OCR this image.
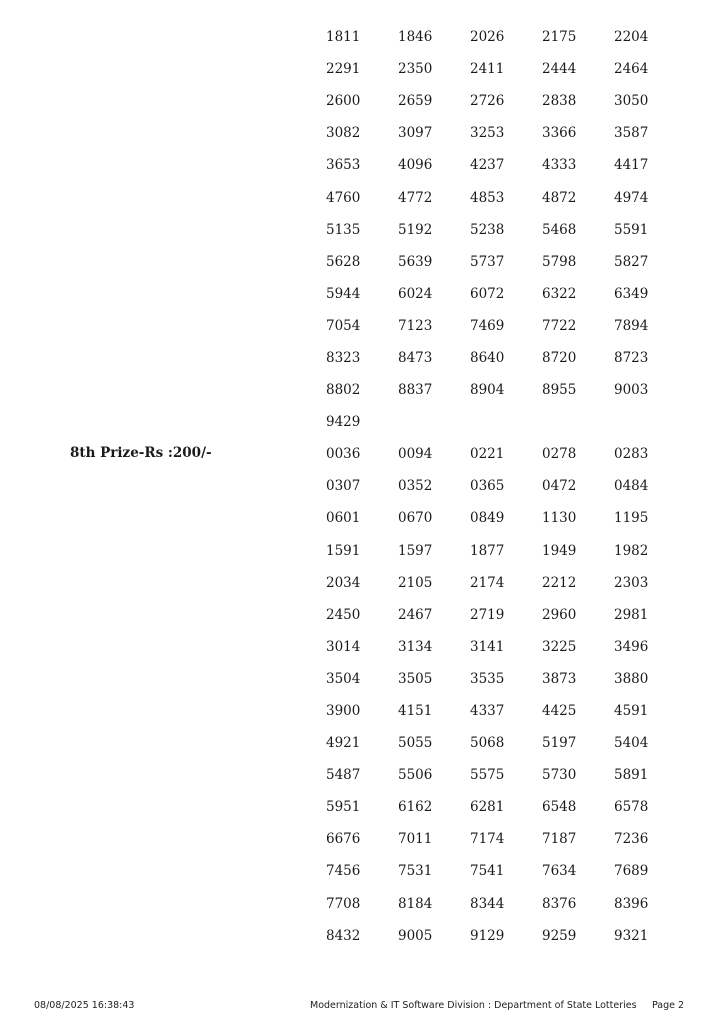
1811	1846	2026	2175	2204
2291	2350	2411	2444	2464
2600	2659	2726	2838	3050
3082	3097	3253	3366	3587
3653	4096	4237	4333	4417
4760	4772	4853	4872	4974
5135	5192	5238	5468	5591
5628	5639	5737	5798	5827
5944	6024	6072	6322	6349
7054	7123	7469	7722	7894
8323	8473	8640	8720	8723
8802	8837	8904	8955	9003
9429
0036	0094	0221	0278	0283
0307	0352	0365	0472	0484
0601	0670	0849	1130	1195
1591	1597	1877	1949	1982
2034	2105	2174	2212	2303
2450	2467	2719	2960	2981
3014	3134	3141	3225	3496
3504	3505	3535	3873	3880
3900	4151	4337	4425	4591
4921	5055	5068	5197	5404
5487	5506	5575	5730	5891
5951	6162	6281	6548	6578
6676	7011	7174	7187	7236
7456	7531	7541	7634	7689
7708	8184	8344	8376	8396
8432	9005	9129	9259	9321
8th Prize-Rs :200/-
08/08/2025 16:38:43	Modernization & IT Software Division : Department of State Lotteries Page 2
